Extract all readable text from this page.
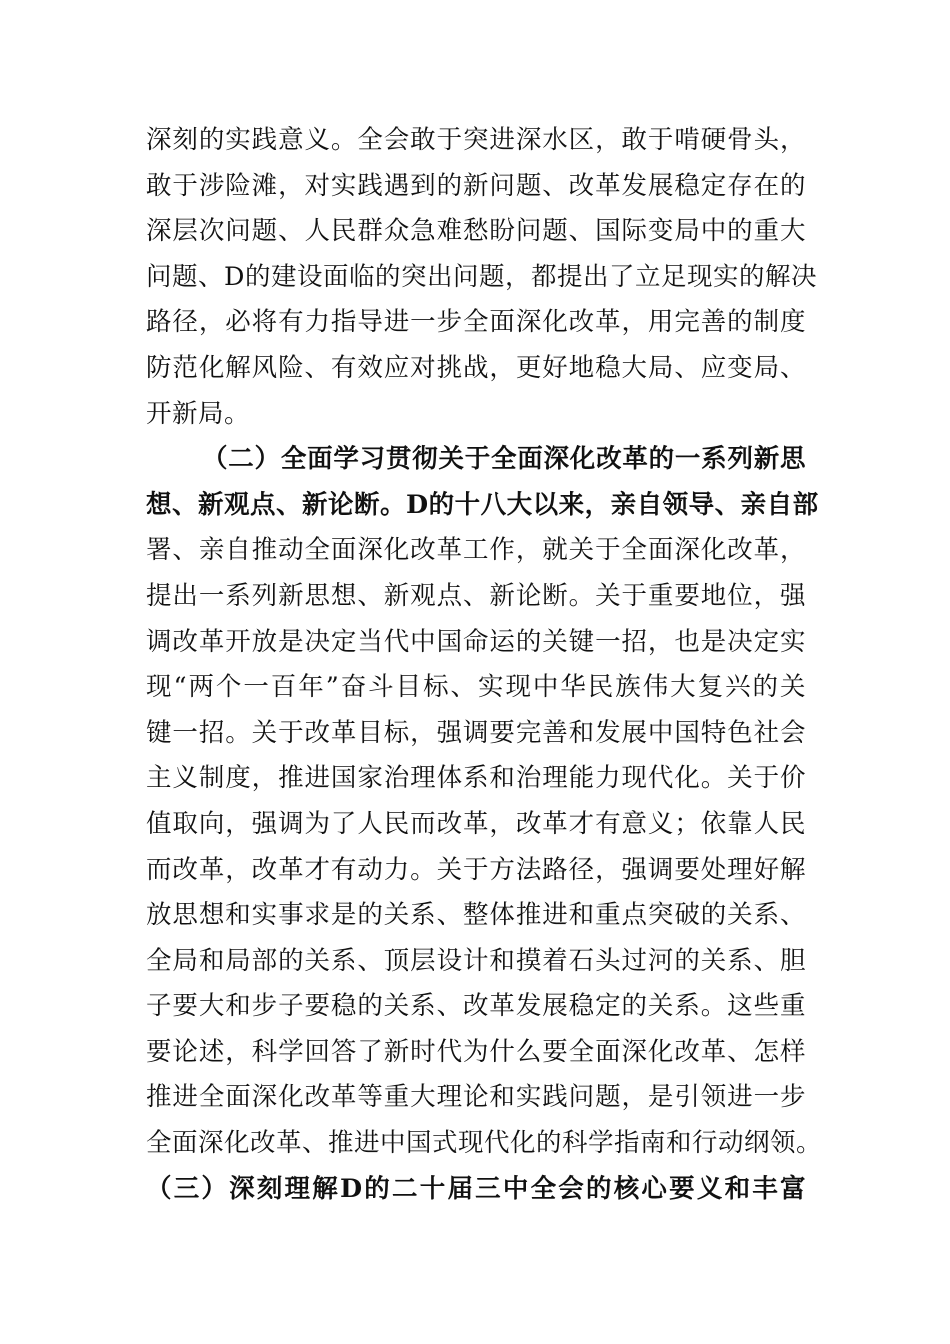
深刻的实践意义。全会敢于突进深水区，敢于啃硬骨头，
敢于涉险滩，对实践遇到的新问题、改革发展稳定存在的
深层次问题、人民群众急难愁盼问题、国际变局中的重大
问题、D的建设面临的突出问题，都提出了立足现实的解决
路径，必将有力指导进一步全面深化改革，用完善的制度
防范化解风险、有效应对挑战，更好地稳大局、应变局、
开新局。
（二）全面学习贯彻关于全面深化改革的一系列新思
想、新观点、新论断。D的十八大以来，亲自领导、亲自部
署、亲自推动全面深化改革工作，就关于全面深化改革，
提出一系列新思想、新观点、新论断。关于重要地位，强
调改革开放是决定当代中国命运的关键一招，也是决定实
现“两个一百年”奋斗目标、实现中华民族伟大复兴的关
键一招。关于改革目标，强调要完善和发展中国特色社会
主义制度，推进国家治理体系和治理能力现代化。关于价
值取向，强调为了人民而改革，改革才有意义；依靠人民
而改革，改革才有动力。关于方法路径，强调要处理好解
放思想和实事求是的关系、整体推进和重点突破的关系、
全局和局部的关系、顶层设计和摸着石头过河的关系、胆
子要大和步子要稳的关系、改革发展稳定的关系。这些重
要论述，科学回答了新时代为什么要全面深化改革、怎样
推进全面深化改革等重大理论和实践问题，是引领进一步
全面深化改革、推进中国式现代化的科学指南和行动纲领。
（三）深刻理解D的二十届三中全会的核心要义和丰富
